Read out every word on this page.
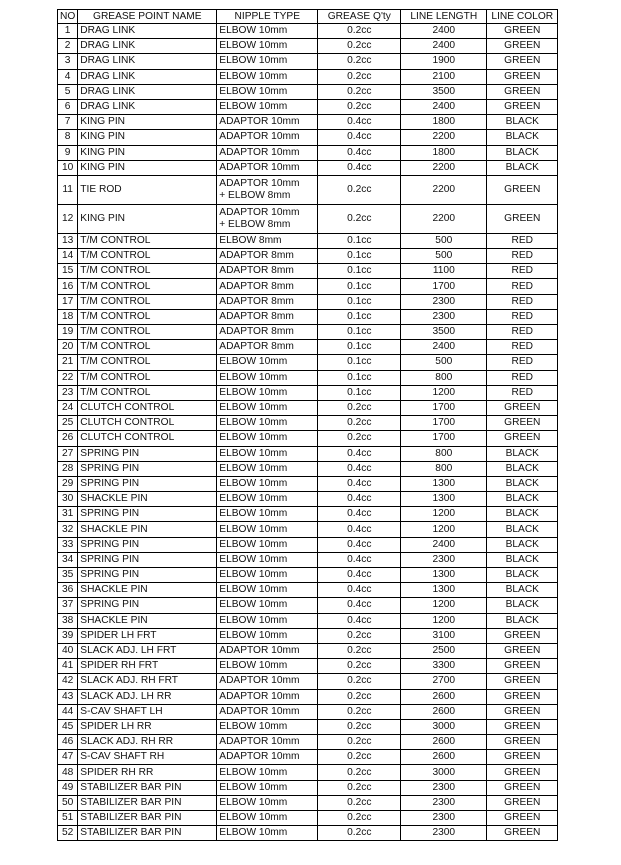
NO	GREASE POINT NAME	NIPPLE TYPE	GREASE Q'ty	LINE LENGTH	LINE COLOR
1	DRAG LINK	ELBOW 10mm	0.2cc	2400	GREEN
2	DRAG LINK	ELBOW 10mm	0.2cc	2400	GREEN
3	DRAG LINK	ELBOW 10mm	0.2cc	1900	GREEN
4	DRAG LINK	ELBOW 10mm	0.2cc	2100	GREEN
5	DRAG LINK	ELBOW 10mm	0.2cc	3500	GREEN
6	DRAG LINK	ELBOW 10mm	0.2cc	2400	GREEN
7	KING PIN	ADAPTOR 10mm	0.4cc	1800	BLACK
8	KING PIN	ADAPTOR 10mm	0.4cc	2200	BLACK
9	KING PIN	ADAPTOR 10mm	0.4cc	1800	BLACK
10	KING PIN	ADAPTOR 10mm	0.4cc	2200	BLACK
11	TIE ROD	ADAPTOR 10mm
+ ELBOW 8mm	0.2cc	2200	GREEN
12	KING PIN	ADAPTOR 10mm
+ ELBOW 8mm	0.2cc	2200	GREEN
13	T/M CONTROL	ELBOW 8mm	0.1cc	500	RED
14	T/M CONTROL	ADAPTOR 8mm	0.1cc	500	RED
15	T/M CONTROL	ADAPTOR 8mm	0.1cc	1100	RED
16	T/M CONTROL	ADAPTOR 8mm	0.1cc	1700	RED
17	T/M CONTROL	ADAPTOR 8mm	0.1cc	2300	RED
18	T/M CONTROL	ADAPTOR 8mm	0.1cc	2300	RED
19	T/M CONTROL	ADAPTOR 8mm	0.1cc	3500	RED
20	T/M CONTROL	ADAPTOR 8mm	0.1cc	2400	RED
21	T/M CONTROL	ELBOW 10mm	0.1cc	500	RED
22	T/M CONTROL	ELBOW 10mm	0.1cc	800	RED
23	T/M CONTROL	ELBOW 10mm	0.1cc	1200	RED
24	CLUTCH CONTROL	ELBOW 10mm	0.2cc	1700	GREEN
25	CLUTCH CONTROL	ELBOW 10mm	0.2cc	1700	GREEN
26	CLUTCH CONTROL	ELBOW 10mm	0.2cc	1700	GREEN
27	SPRING PIN	ELBOW 10mm	0.4cc	800	BLACK
28	SPRING PIN	ELBOW 10mm	0.4cc	800	BLACK
29	SPRING PIN	ELBOW 10mm	0.4cc	1300	BLACK
30	SHACKLE PIN	ELBOW 10mm	0.4cc	1300	BLACK
31	SPRING PIN	ELBOW 10mm	0.4cc	1200	BLACK
32	SHACKLE PIN	ELBOW 10mm	0.4cc	1200	BLACK
33	SPRING PIN	ELBOW 10mm	0.4cc	2400	BLACK
34	SPRING PIN	ELBOW 10mm	0.4cc	2300	BLACK
35	SPRING PIN	ELBOW 10mm	0.4cc	1300	BLACK
36	SHACKLE PIN	ELBOW 10mm	0.4cc	1300	BLACK
37	SPRING PIN	ELBOW 10mm	0.4cc	1200	BLACK
38	SHACKLE PIN	ELBOW 10mm	0.4cc	1200	BLACK
39	SPIDER LH FRT	ELBOW 10mm	0.2cc	3100	GREEN
40	SLACK ADJ. LH FRT	ADAPTOR 10mm	0.2cc	2500	GREEN
41	SPIDER RH FRT	ELBOW 10mm	0.2cc	3300	GREEN
42	SLACK ADJ. RH FRT	ADAPTOR 10mm	0.2cc	2700	GREEN
43	SLACK ADJ. LH RR	ADAPTOR 10mm	0.2cc	2600	GREEN
44	S-CAV SHAFT LH	ADAPTOR 10mm	0.2cc	2600	GREEN
45	SPIDER LH RR	ELBOW 10mm	0.2cc	3000	GREEN
46	SLACK ADJ. RH RR	ADAPTOR 10mm	0.2cc	2600	GREEN
47	S-CAV SHAFT RH	ADAPTOR 10mm	0.2cc	2600	GREEN
48	SPIDER RH RR	ELBOW 10mm	0.2cc	3000	GREEN
49	STABILIZER BAR PIN	ELBOW 10mm	0.2cc	2300	GREEN
50	STABILIZER BAR PIN	ELBOW 10mm	0.2cc	2300	GREEN
51	STABILIZER BAR PIN	ELBOW 10mm	0.2cc	2300	GREEN
52	STABILIZER BAR PIN	ELBOW 10mm	0.2cc	2300	GREEN
